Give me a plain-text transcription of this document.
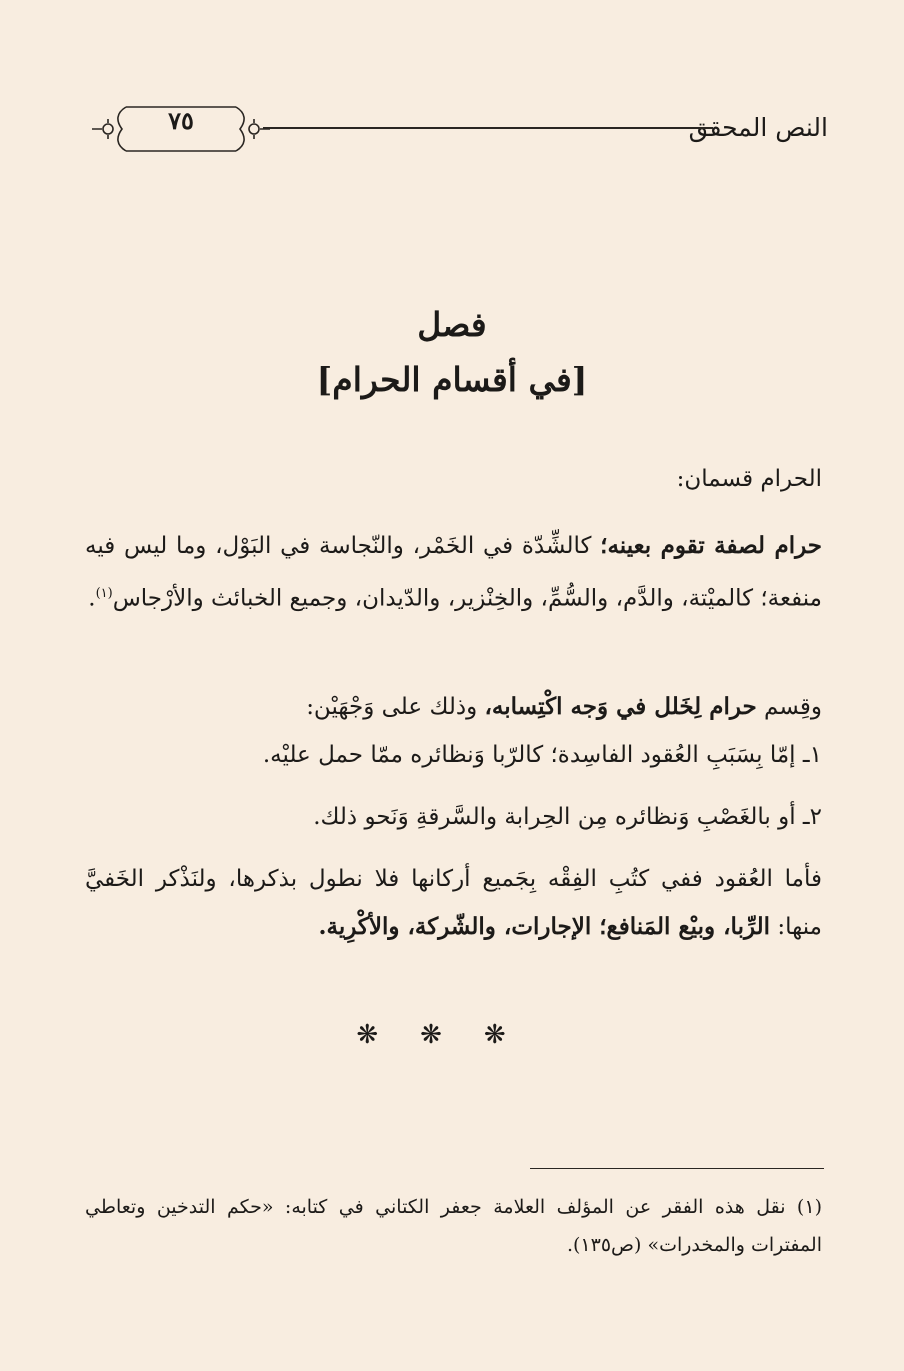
النص المحقق
٧٥
فصل
[في أقسام الحرام]
الحرام قسمان:
حرام لصفة تقوم بعينه؛ كالشِّدّة في الخَمْر، والنّجاسة في البَوْل، وما ليس فيه منفعة؛ كالميْتة، والدَّم، والسُّمِّ، والخِنْزير، والدّيدان، وجميع الخبائث والأرْجاس$^{(١)}$.
وقِسم حرام لِخَلل في وَجه اكْتِسابه، وذلك على وَجْهَيْن:
١ـ إمّا بِسَبَبِ العُقود الفاسِدة؛ كالرّبا وَنظائره ممّا حمل عليْه.
٢ـ أو بالغَصْبِ وَنظائره مِن الحِرابة والسَّرقةِ وَنَحو ذلك.
فأما العُقود ففي كتُبِ الفِقْه بِجَميع أركانها فلا نطول بذكرها، ولنَذْكر الخَفيَّ منها: الرِّبا، وبيْع المَنافع؛ الإجارات، والشّركة، والأكْرِية.
❋❋❋
(١) نقل هذه الفقر عن المؤلف العلامة جعفر الكتاني في كتابه: «حكم التدخين وتعاطي المفترات والمخدرات» (ص١٣٥).
